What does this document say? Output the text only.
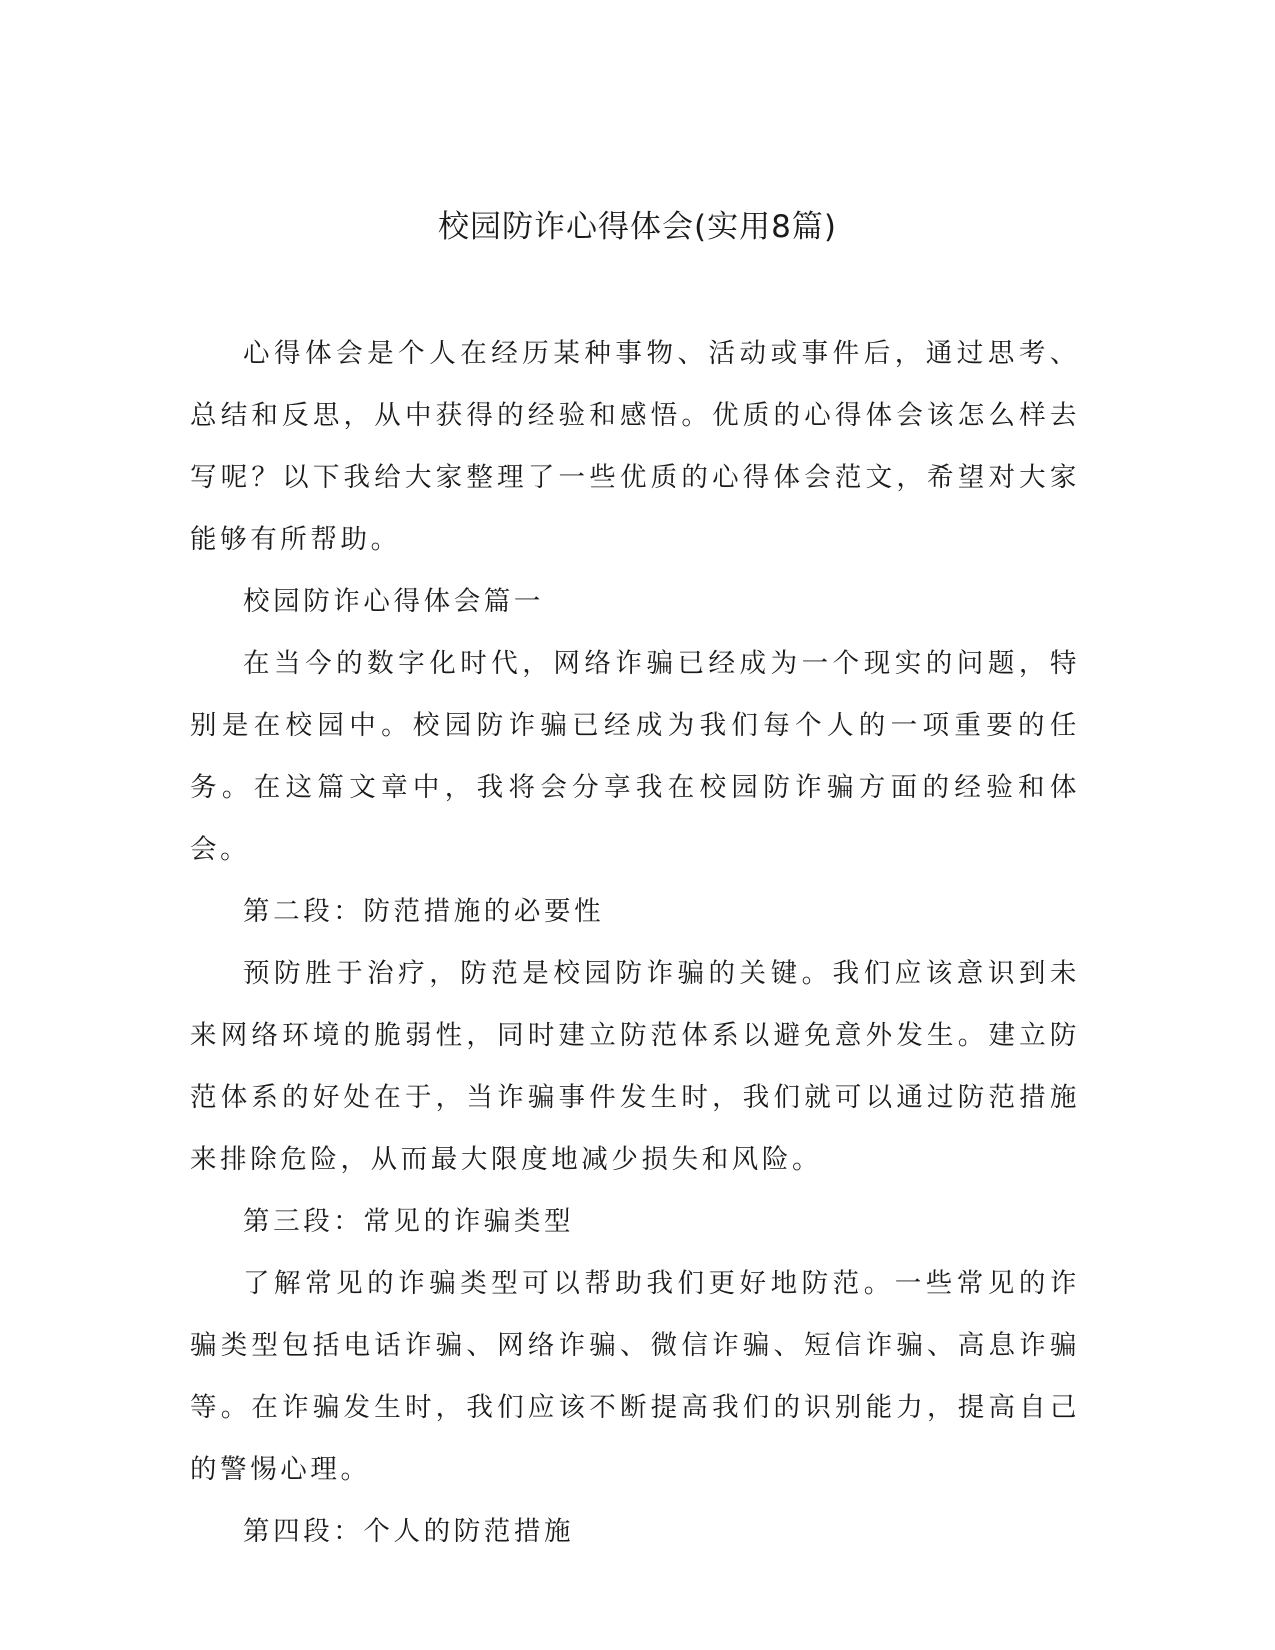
校园防诈心得体会(实用8篇)

心得体会是个人在经历某种事物、活动或事件后，通过思考、总结和反思，从中获得的经验和感悟。优质的心得体会该怎么样去写呢？以下我给大家整理了一些优质的心得体会范文，希望对大家能够有所帮助。

校园防诈心得体会篇一

在当今的数字化时代，网络诈骗已经成为一个现实的问题，特别是在校园中。校园防诈骗已经成为我们每个人的一项重要的任务。在这篇文章中，我将会分享我在校园防诈骗方面的经验和体会。

第二段：防范措施的必要性

预防胜于治疗，防范是校园防诈骗的关键。我们应该意识到未来网络环境的脆弱性，同时建立防范体系以避免意外发生。建立防范体系的好处在于，当诈骗事件发生时，我们就可以通过防范措施来排除危险，从而最大限度地减少损失和风险。

第三段：常见的诈骗类型

了解常见的诈骗类型可以帮助我们更好地防范。一些常见的诈骗类型包括电话诈骗、网络诈骗、微信诈骗、短信诈骗、高息诈骗等。在诈骗发生时，我们应该不断提高我们的识别能力，提高自己的警惕心理。

第四段：个人的防范措施
